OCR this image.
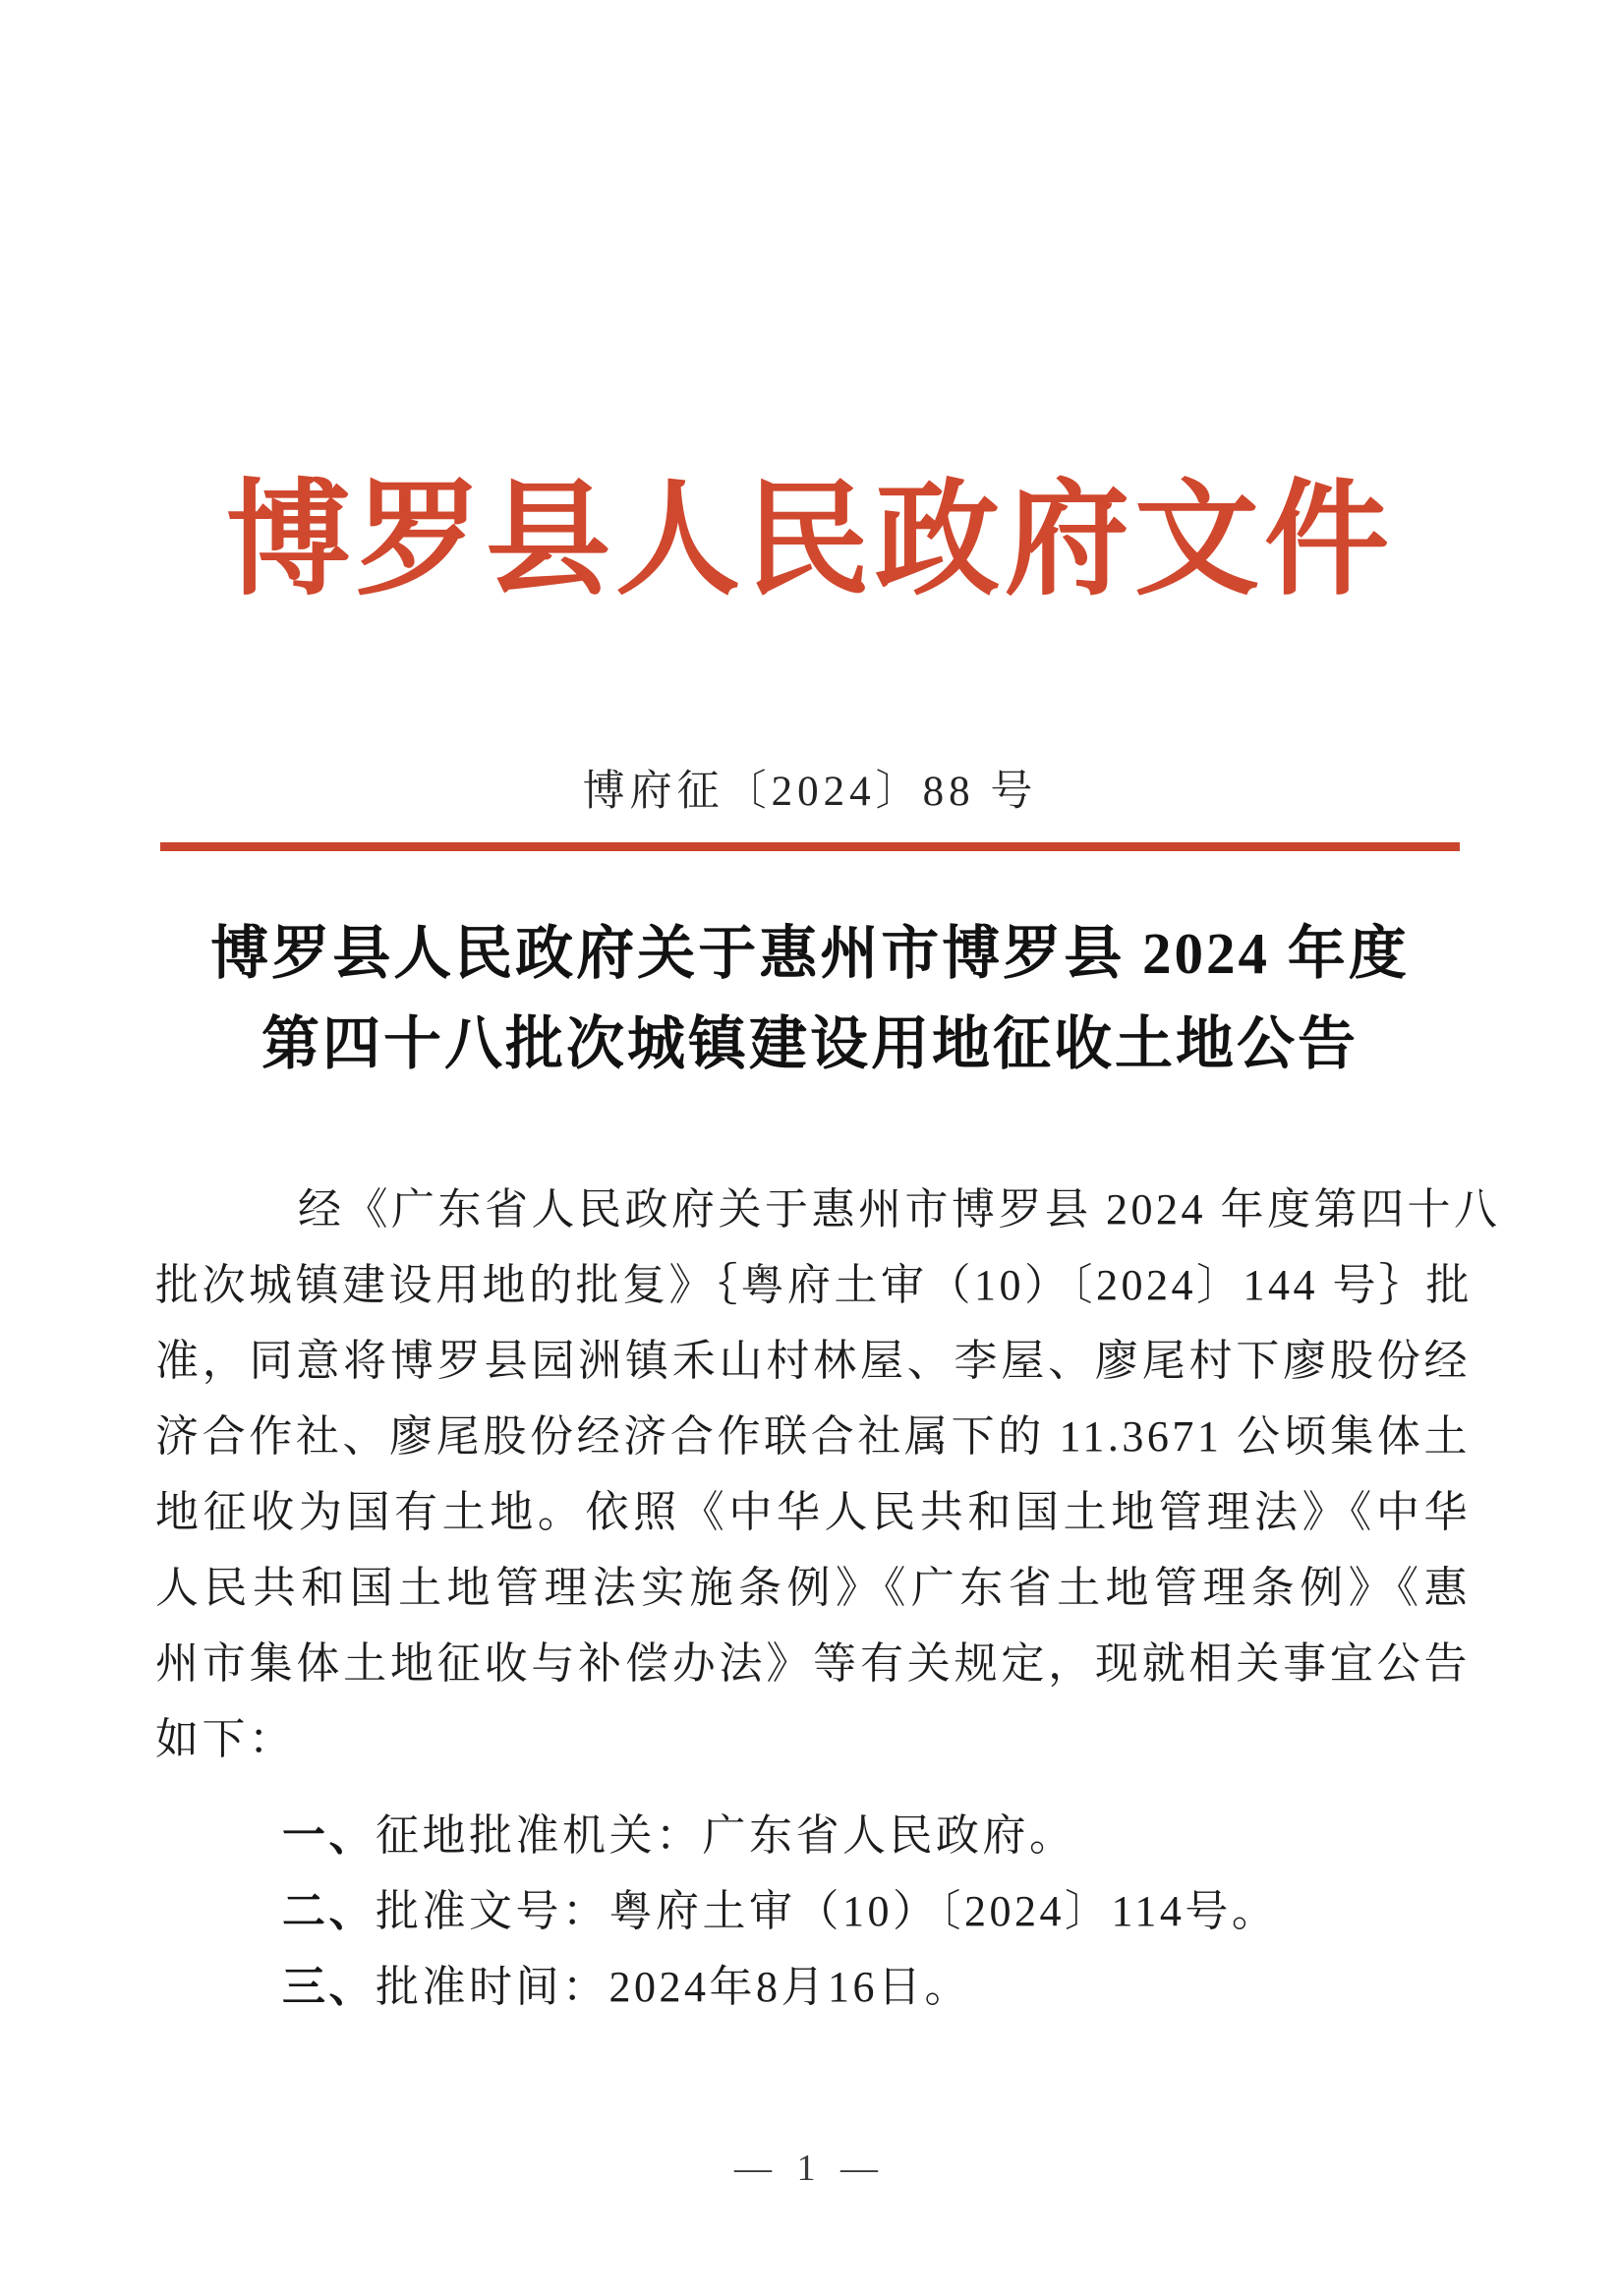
博罗县人民政府文件
博府征〔2024〕88 号
博罗县人民政府关于惠州市博罗县 2024 年度
第四十八批次城镇建设用地征收土地公告
经《广东省人民政府关于惠州市博罗县 2024 年度第四十八
批次城镇建设用地的批复》｛粤府土审（10）〔2024〕144 号｝批
准，同意将博罗县园洲镇禾山村林屋、李屋、廖尾村下廖股份经
济合作社、廖尾股份经济合作联合社属下的 11.3671 公顷集体土
地征收为国有土地。依照《中华人民共和国土地管理法》《中华
人民共和国土地管理法实施条例》《广东省土地管理条例》《惠
州市集体土地征收与补偿办法》等有关规定，现就相关事宜公告
如下：
一、征地批准机关：广东省人民政府。
二、批准文号：粤府土审（10）〔2024〕114号。
三、批准时间：2024年8月16日。
— 1 —
